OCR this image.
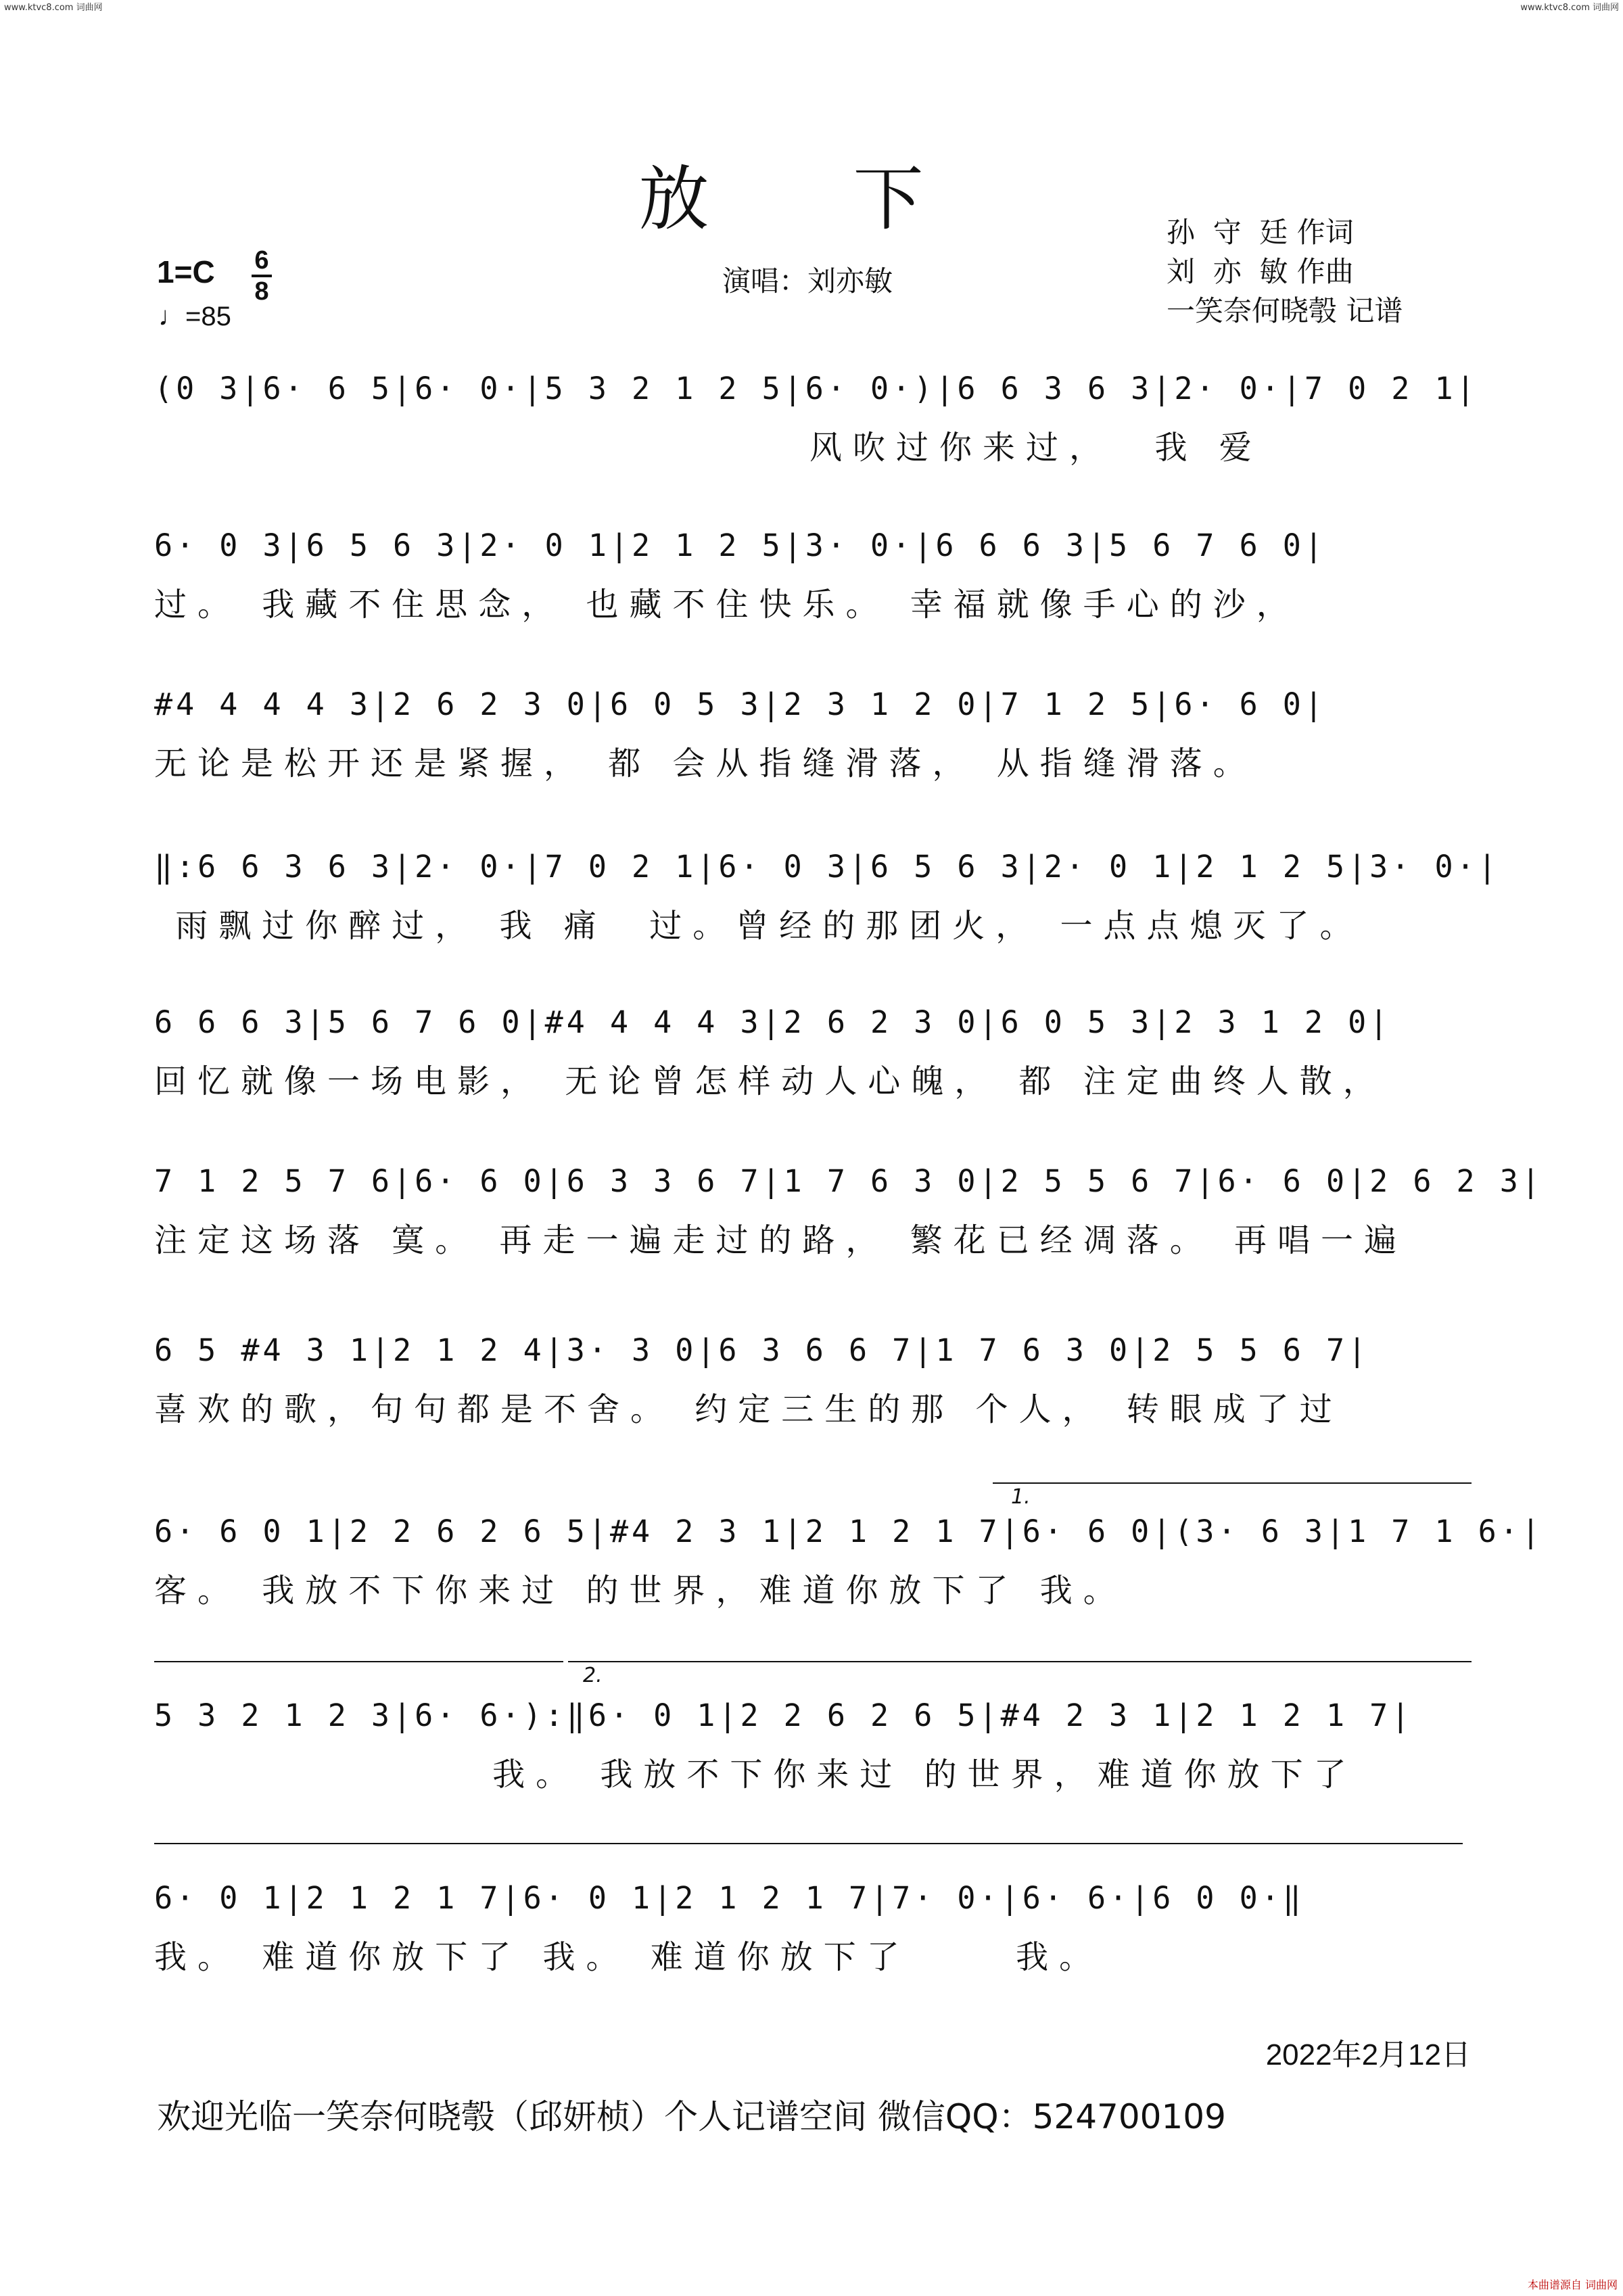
www.ktvc8.com 词曲网	www.ktvc8.com 词曲网
放 下	孙  守  廷 作词
刘  亦  敏 作曲
一笑奈何晓彀 记谱
1=C 6
8
♩=85
演唱：刘亦敏
(0 3|6· 6 5|6· 0·|5 3 2 1 2 5|6· 0·)|6 6 3 6 3|2· 0·|7 0 2 1|
风吹过你来过，  我 爱
6· 0 3|6 5 6 3|2· 0 1|2 1 2 5|3· 0·|6 6 6 3|5 6 7 6 0|
过。 我藏不住思念， 也藏不住快乐。 幸福就像手心的沙，
#4 4 4 4 3|2 6 2 3 0|6 0 5 3|2 3 1 2 0|7 1 2 5|6· 6 0|
无论是松开还是紧握， 都 会从指缝滑落， 从指缝滑落。
‖:6 6 3 6 3|2· 0·|7 0 2 1|6· 0 3|6 5 6 3|2· 0 1|2 1 2 5|3· 0·|
雨飘过你醉过， 我 痛  过。曾经的那团火， 一点点熄灭了。
6 6 6 3|5 6 7 6 0|#4 4 4 4 3|2 6 2 3 0|6 0 5 3|2 3 1 2 0|
回忆就像一场电影， 无论曾怎样动人心魄， 都 注定曲终人散，
7 1 2 5 7 6|6· 6 0|6 3 3 6 7|1 7 6 3 0|2 5 5 6 7|6· 6 0|2 6 2 3|
注定这场落 寞。 再走一遍走过的路， 繁花已经凋落。 再唱一遍
6 5 #4 3 1|2 1 2 4|3· 3 0|6 3 6 6 7|1 7 6 3 0|2 5 5 6 7|
喜欢的歌，句句都是不舍。 约定三生的那 个人， 转眼成了过
1.
6· 6 0 1|2 2 6 2 6 5|#4 2 3 1|2 1 2 1 7|6· 6 0|(3· 6 3|1 7 1 6·|
客。 我放不下你来过 的世界，难道你放下了 我。
2.
5 3 2 1 2 3|6· 6·):‖6· 0 1|2 2 6 2 6 5|#4 2 3 1|2 1 2 1 7|
我。 我放不下你来过 的世界，难道你放下了
6· 0 1|2 1 2 1 7|6· 0 1|2 1 2 1 7|7· 0·|6· 6·|6 0 0·‖
我。 难道你放下了 我。 难道你放下了     我。
2022年2月12日
欢迎光临一笑奈何晓彀（邱妍桢）个人记谱空间 微信QQ：524700109
本曲谱源自 词曲网
